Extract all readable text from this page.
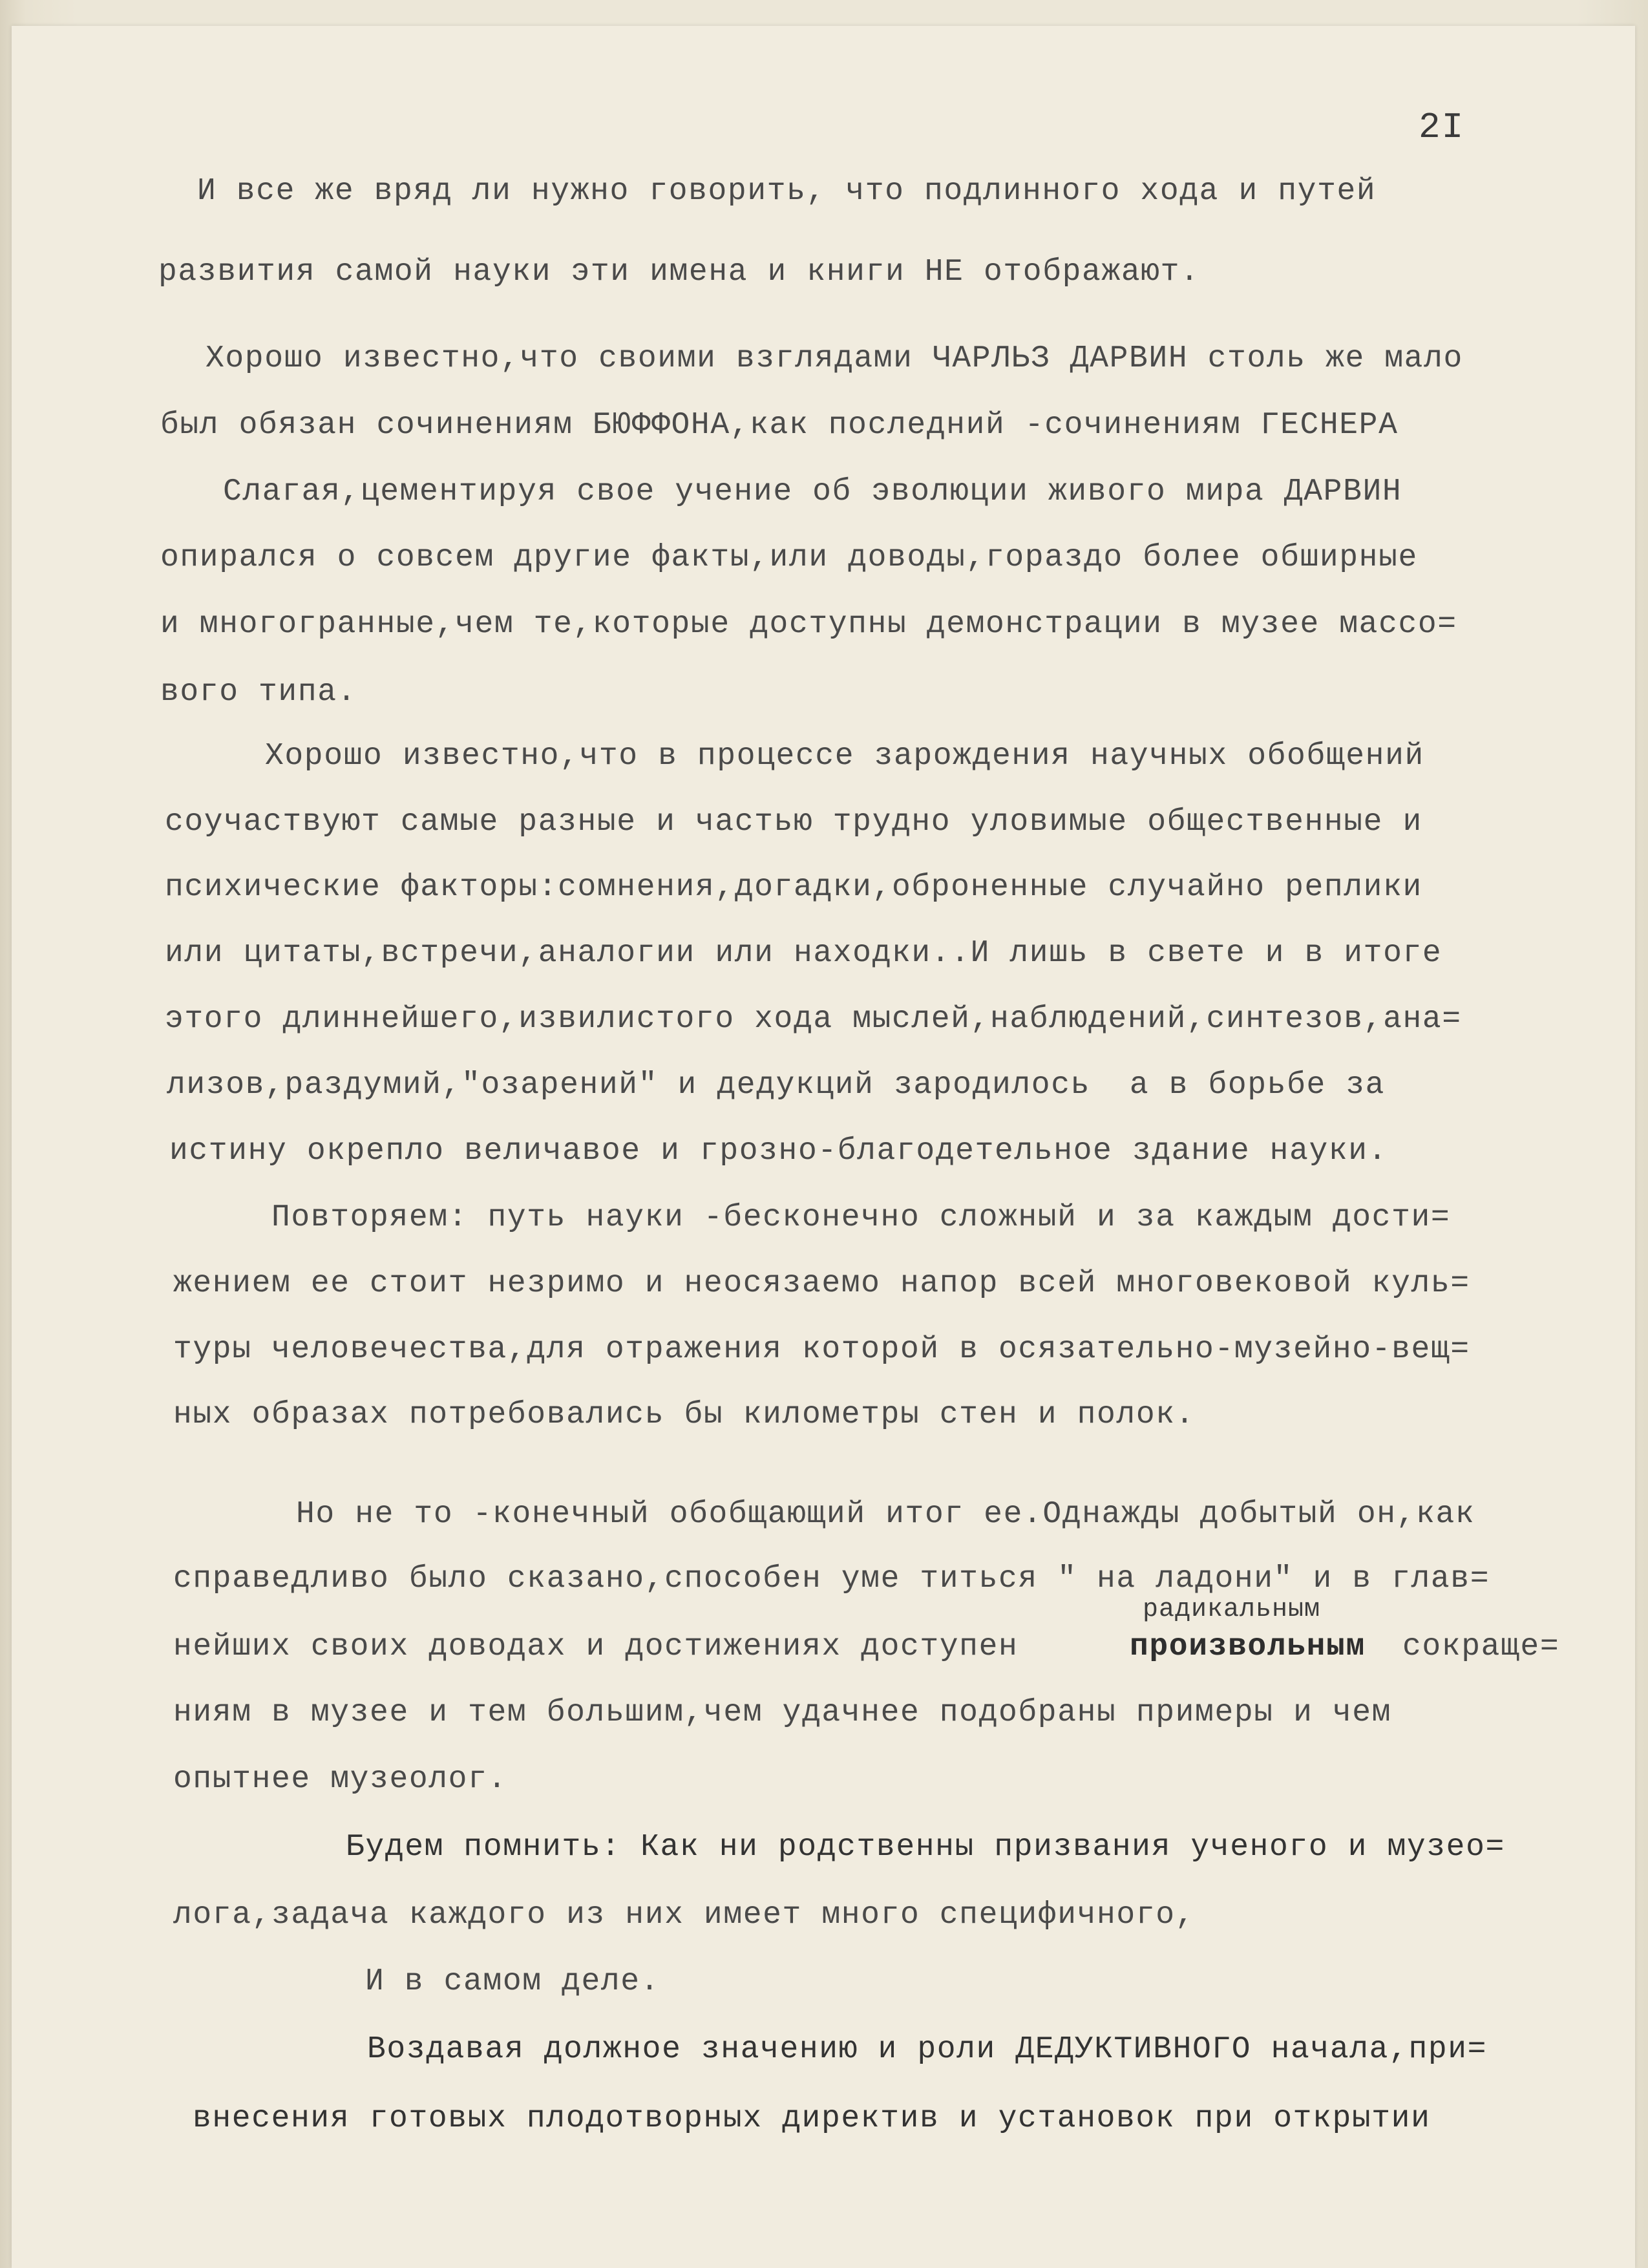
2I

И все же вряд ли нужно говорить, что подлинного хода и путей

развития самой науки эти имена и книги НЕ отображают.

Хорошо известно,что своими взглядами ЧАРЛЬЗ ДАРВИН столь же мало

был обязан сочинениям БЮФФОНА,как последний -сочинениям ГЕСНЕРА

Слагая,цементируя свое учение об эволюции живого мира ДАРВИН

опирался о совсем другие факты,или доводы,гораздо более обширные

и многогранные,чем те,которые доступны демонстрации в музее массо=

вого типа.

Хорошо известно,что в процессе зарождения научных обобщений

соучаствуют самые разные и частью трудно уловимые общественные и

психические факторы:сомнения,догадки,оброненные случайно реплики

или цитаты,встречи,аналогии или находки..И лишь в свете и в итоге

этого длиннейшего,извилистого хода мыслей,наблюдений,синтезов,ана=

лизов,раздумий,"озарений" и дедукций зародилось  а в борьбе за

истину окрепло величавое и грозно-благодетельное здание науки.

Повторяем: путь науки -бесконечно сложный и за каждым дости=

жением ее стоит незримо и неосязаемо напор всей многовековой куль=

туры человечества,для отражения которой в осязательно-музейно-вещ=

ных образах потребовались бы километры стен и полок.

Но не то -конечный обобщающий итог ее.Однажды добытый он,как

справедливо было сказано,способен уме титься " на ладони" и в глав=

радикальным

нейших своих доводах и достижениях доступен	произвольным сокраще=

ниям в музее и тем большим,чем удачнее подобраны примеры и чем

опытнее музеолог.

Будем помнить: Как ни родственны призвания ученого и музео=

лога,задача каждого из них имеет много специфичного,

И в самом деле.

Воздавая должное значению и роли ДЕДУКТИВНОГО начала,при=

внесения готовых плодотворных директив и установок при открытии
